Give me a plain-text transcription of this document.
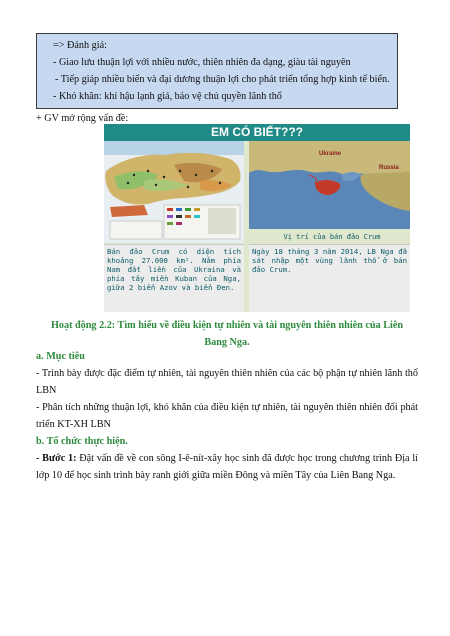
=> Đánh giá:

- Giao lưu thuận lợi với nhiều nước, thiên nhiên đa dạng, giàu tài nguyên

- Tiếp giáp nhiều biển và đại dương thuận lợi cho phát triển tổng hợp kinh tế biển.

- Khó khăn: khí hậu lạnh giá, bảo vệ chủ quyền lãnh thổ

+ GV mở rộng vấn đề:

EM CÓ BIẾT???
Ukraine
Russia
Vị trí của bán đảo Crum
Bán đảo Crum có diện tích khoảng 27.000 km². Nằm phía Nam đất liền của Ukraina và phía tây miền Kuban của Nga, giữa 2 biển Azov và biển Đen.
Ngày 18 tháng 3 năm 2014, LB Nga đã sát nhập một vùng lãnh thổ ở bán đảo Crum.

Hoạt động 2.2: Tìm hiểu về điều kiện tự nhiên và tài nguyên thiên nhiên của Liên
Bang Nga.

a. Mục tiêu

- Trình bày được đặc điểm tự nhiên, tài nguyên thiên nhiên của các bộ phận tự nhiên lãnh thổ LBN

- Phân tích những thuận lợi, khó khăn của điều kiện tự nhiên, tài nguyên thiên nhiên đối phát triển KT-XH LBN

b. Tổ chức thực hiện.

- Bước 1: Đặt vấn đề về con sông I-ê-nít-xây học sinh đã được học trong chương trình Địa lí lớp 10 để học sinh trình bày ranh giới giữa miền Đông và miền Tây của Liên Bang Nga.
